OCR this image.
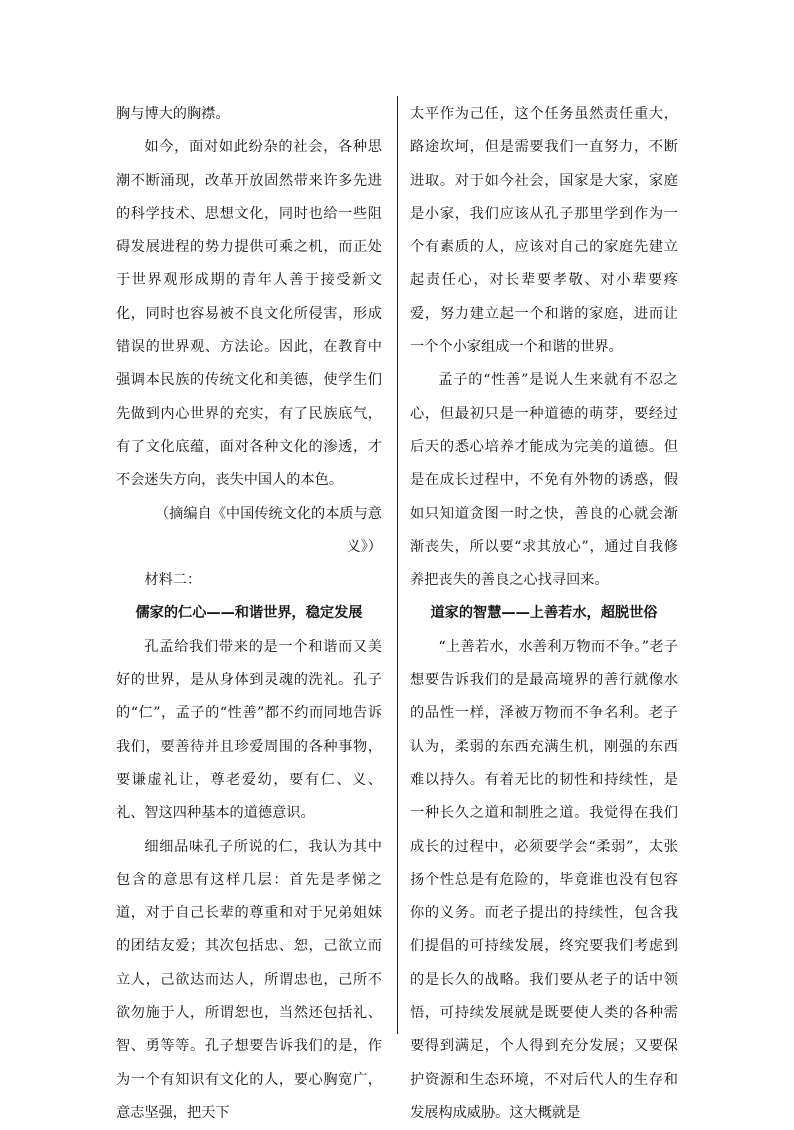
胸与博大的胸襟。

如今，面对如此纷杂的社会，各种思潮不断涌现，改革开放固然带来许多先进的科学技术、思想文化，同时也给一些阻碍发展进程的势力提供可乘之机，而正处于世界观形成期的青年人善于接受新文化，同时也容易被不良文化所侵害，形成错误的世界观、方法论。因此，在教育中强调本民族的传统文化和美德，使学生们先做到内心世界的充实，有了民族底气，有了文化底蕴，面对各种文化的渗透，才不会迷失方向，丧失中国人的本色。

（摘编自《中国传统文化的本质与意义》）

材料二：

儒家的仁心——和谐世界，稳定发展

孔孟给我们带来的是一个和谐而又美好的世界，是从身体到灵魂的洗礼。孔子的“仁”，孟子的“性善”都不约而同地告诉我们，要善待并且珍爱周围的各种事物，要谦虚礼让，尊老爱幼，要有仁、义、礼、智这四种基本的道德意识。

细细品味孔子所说的仁，我认为其中包含的意思有这样几层：首先是孝悌之道，对于自己长辈的尊重和对于兄弟姐妹的团结友爱；其次包括忠、恕，己欲立而立人，己欲达而达人，所谓忠也，己所不欲勿施于人，所谓恕也，当然还包括礼、智、勇等等。孔子想要告诉我们的是，作为一个有知识有文化的人，要心胸宽广，意志坚强，把天下

太平作为己任，这个任务虽然责任重大，路途坎坷，但是需要我们一直努力，不断进取。对于如今社会，国家是大家，家庭是小家，我们应该从孔子那里学到作为一个有素质的人，应该对自己的家庭先建立起责任心，对长辈要孝敬、对小辈要疼爱，努力建立起一个和谐的家庭，进而让一个个小家组成一个和谐的世界。

孟子的“性善”是说人生来就有不忍之心，但最初只是一种道德的萌芽，要经过后天的悉心培养才能成为完美的道德。但是在成长过程中，不免有外物的诱惑，假如只知道贪图一时之快，善良的心就会渐渐丧失，所以要“求其放心”，通过自我修养把丧失的善良之心找寻回来。

道家的智慧——上善若水，超脱世俗

“上善若水，水善利万物而不争。”老子想要告诉我们的是最高境界的善行就像水的品性一样，泽被万物而不争名利。老子认为，柔弱的东西充满生机，刚强的东西难以持久。有着无比的韧性和持续性，是一种长久之道和制胜之道。我觉得在我们成长的过程中，必须要学会“柔弱”，太张扬个性总是有危险的，毕竟谁也没有包容你的义务。而老子提出的持续性，包含我们提倡的可持续发展，终究要我们考虑到的是长久的战略。我们要从老子的话中领悟，可持续发展就是既要使人类的各种需要得到满足，个人得到充分发展；又要保护资源和生态环境，不对后代人的生存和发展构成威胁。这大概就是
